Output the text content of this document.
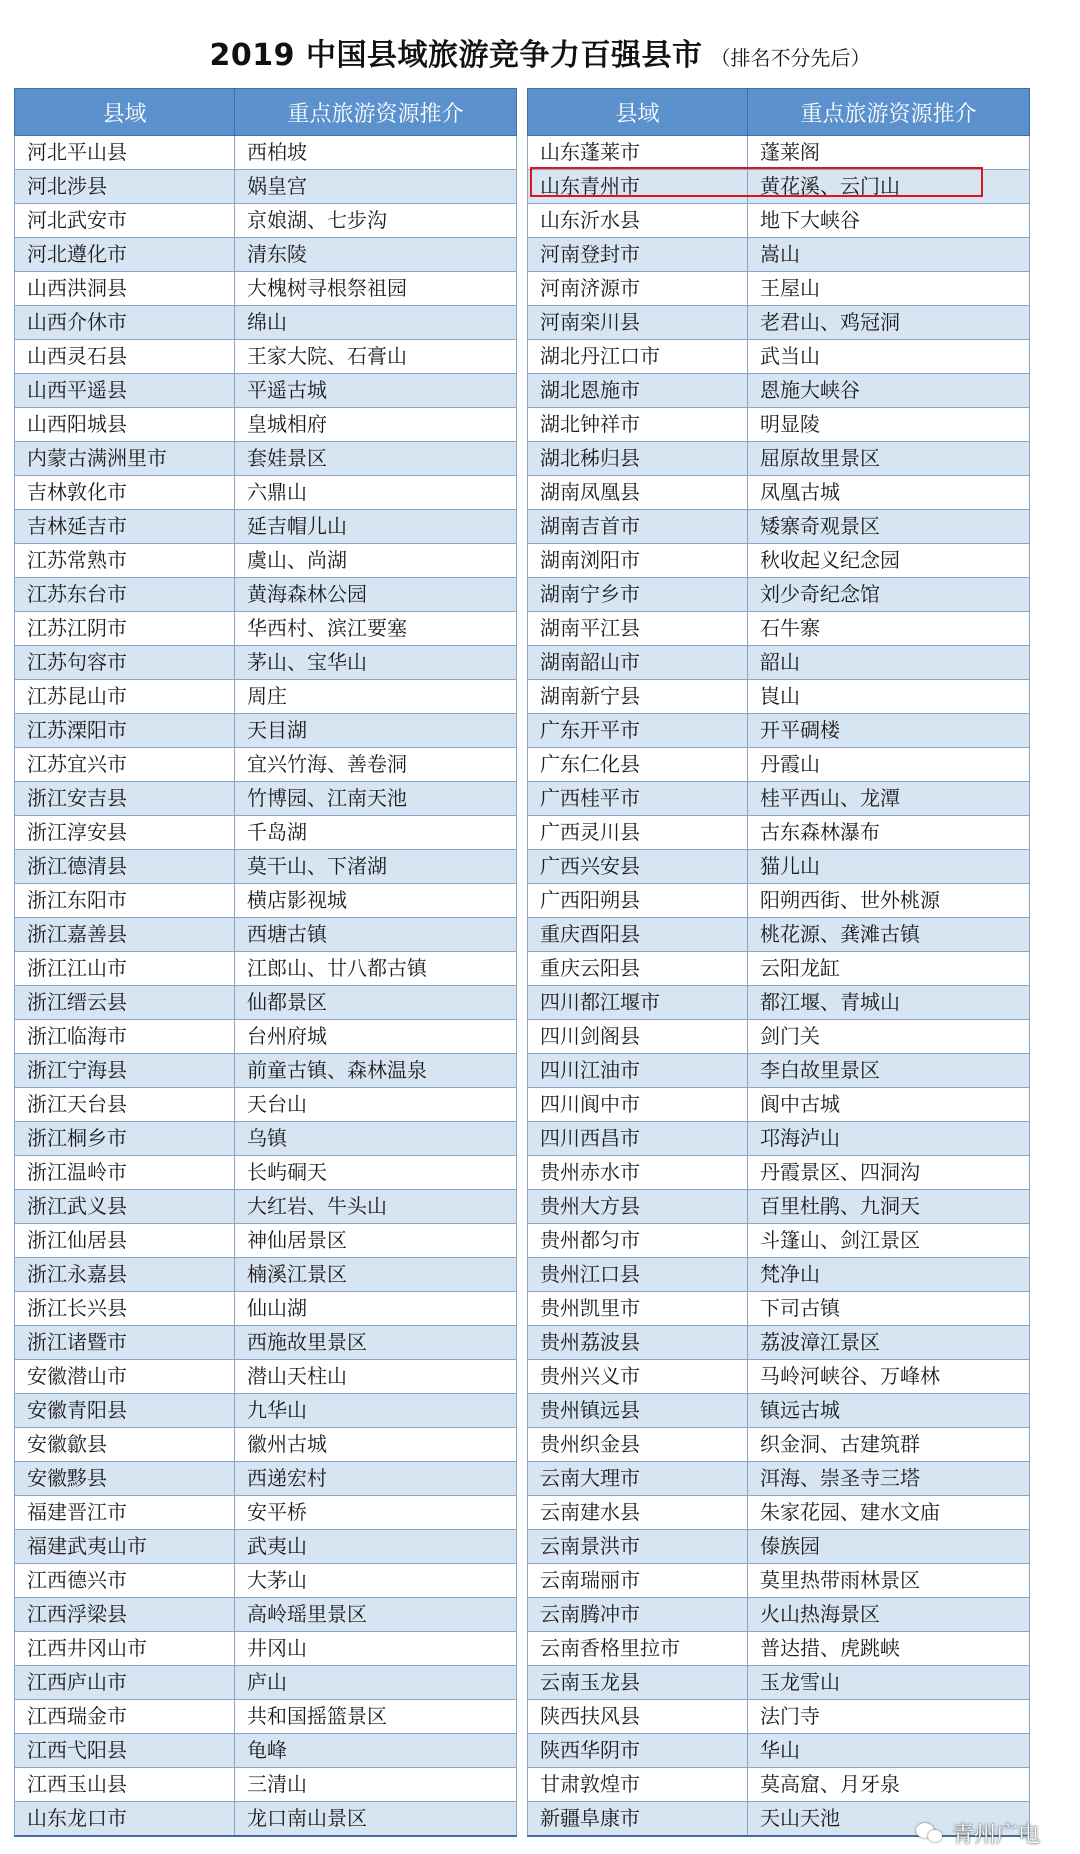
2019 中国县域旅游竞争力百强县市 （排名不分先后）
县域	重点旅游资源推介
河北平山县	西柏坡
河北涉县	娲皇宫
河北武安市	京娘湖、七步沟
河北遵化市	清东陵
山西洪洞县	大槐树寻根祭祖园
山西介休市	绵山
山西灵石县	王家大院、石膏山
山西平遥县	平遥古城
山西阳城县	皇城相府
内蒙古满洲里市	套娃景区
吉林敦化市	六鼎山
吉林延吉市	延吉帽儿山
江苏常熟市	虞山、尚湖
江苏东台市	黄海森林公园
江苏江阴市	华西村、滨江要塞
江苏句容市	茅山、宝华山
江苏昆山市	周庄
江苏溧阳市	天目湖
江苏宜兴市	宜兴竹海、善卷洞
浙江安吉县	竹博园、江南天池
浙江淳安县	千岛湖
浙江德清县	莫干山、下渚湖
浙江东阳市	横店影视城
浙江嘉善县	西塘古镇
浙江江山市	江郎山、廿八都古镇
浙江缙云县	仙都景区
浙江临海市	台州府城
浙江宁海县	前童古镇、森林温泉
浙江天台县	天台山
浙江桐乡市	乌镇
浙江温岭市	长屿硐天
浙江武义县	大红岩、牛头山
浙江仙居县	神仙居景区
浙江永嘉县	楠溪江景区
浙江长兴县	仙山湖
浙江诸暨市	西施故里景区
安徽潜山市	潜山天柱山
安徽青阳县	九华山
安徽歙县	徽州古城
安徽黟县	西递宏村
福建晋江市	安平桥
福建武夷山市	武夷山
江西德兴市	大茅山
江西浮梁县	高岭瑶里景区
江西井冈山市	井冈山
江西庐山市	庐山
江西瑞金市	共和国摇篮景区
江西弋阳县	龟峰
江西玉山县	三清山
山东龙口市	龙口南山景区
县域	重点旅游资源推介
山东蓬莱市	蓬莱阁
山东青州市	黄花溪、云门山
山东沂水县	地下大峡谷
河南登封市	嵩山
河南济源市	王屋山
河南栾川县	老君山、鸡冠洞
湖北丹江口市	武当山
湖北恩施市	恩施大峡谷
湖北钟祥市	明显陵
湖北秭归县	屈原故里景区
湖南凤凰县	凤凰古城
湖南吉首市	矮寨奇观景区
湖南浏阳市	秋收起义纪念园
湖南宁乡市	刘少奇纪念馆
湖南平江县	石牛寨
湖南韶山市	韶山
湖南新宁县	崀山
广东开平市	开平碉楼
广东仁化县	丹霞山
广西桂平市	桂平西山、龙潭
广西灵川县	古东森林瀑布
广西兴安县	猫儿山
广西阳朔县	阳朔西街、世外桃源
重庆酉阳县	桃花源、龚滩古镇
重庆云阳县	云阳龙缸
四川都江堰市	都江堰、青城山
四川剑阁县	剑门关
四川江油市	李白故里景区
四川阆中市	阆中古城
四川西昌市	邛海泸山
贵州赤水市	丹霞景区、四洞沟
贵州大方县	百里杜鹃、九洞天
贵州都匀市	斗篷山、剑江景区
贵州江口县	梵净山
贵州凯里市	下司古镇
贵州荔波县	荔波漳江景区
贵州兴义市	马岭河峡谷、万峰林
贵州镇远县	镇远古城
贵州织金县	织金洞、古建筑群
云南大理市	洱海、崇圣寺三塔
云南建水县	朱家花园、建水文庙
云南景洪市	傣族园
云南瑞丽市	莫里热带雨林景区
云南腾冲市	火山热海景区
云南香格里拉市	普达措、虎跳峡
云南玉龙县	玉龙雪山
陕西扶风县	法门寺
陕西华阴市	华山
甘肃敦煌市	莫高窟、月牙泉
新疆阜康市	天山天池
青州广电
